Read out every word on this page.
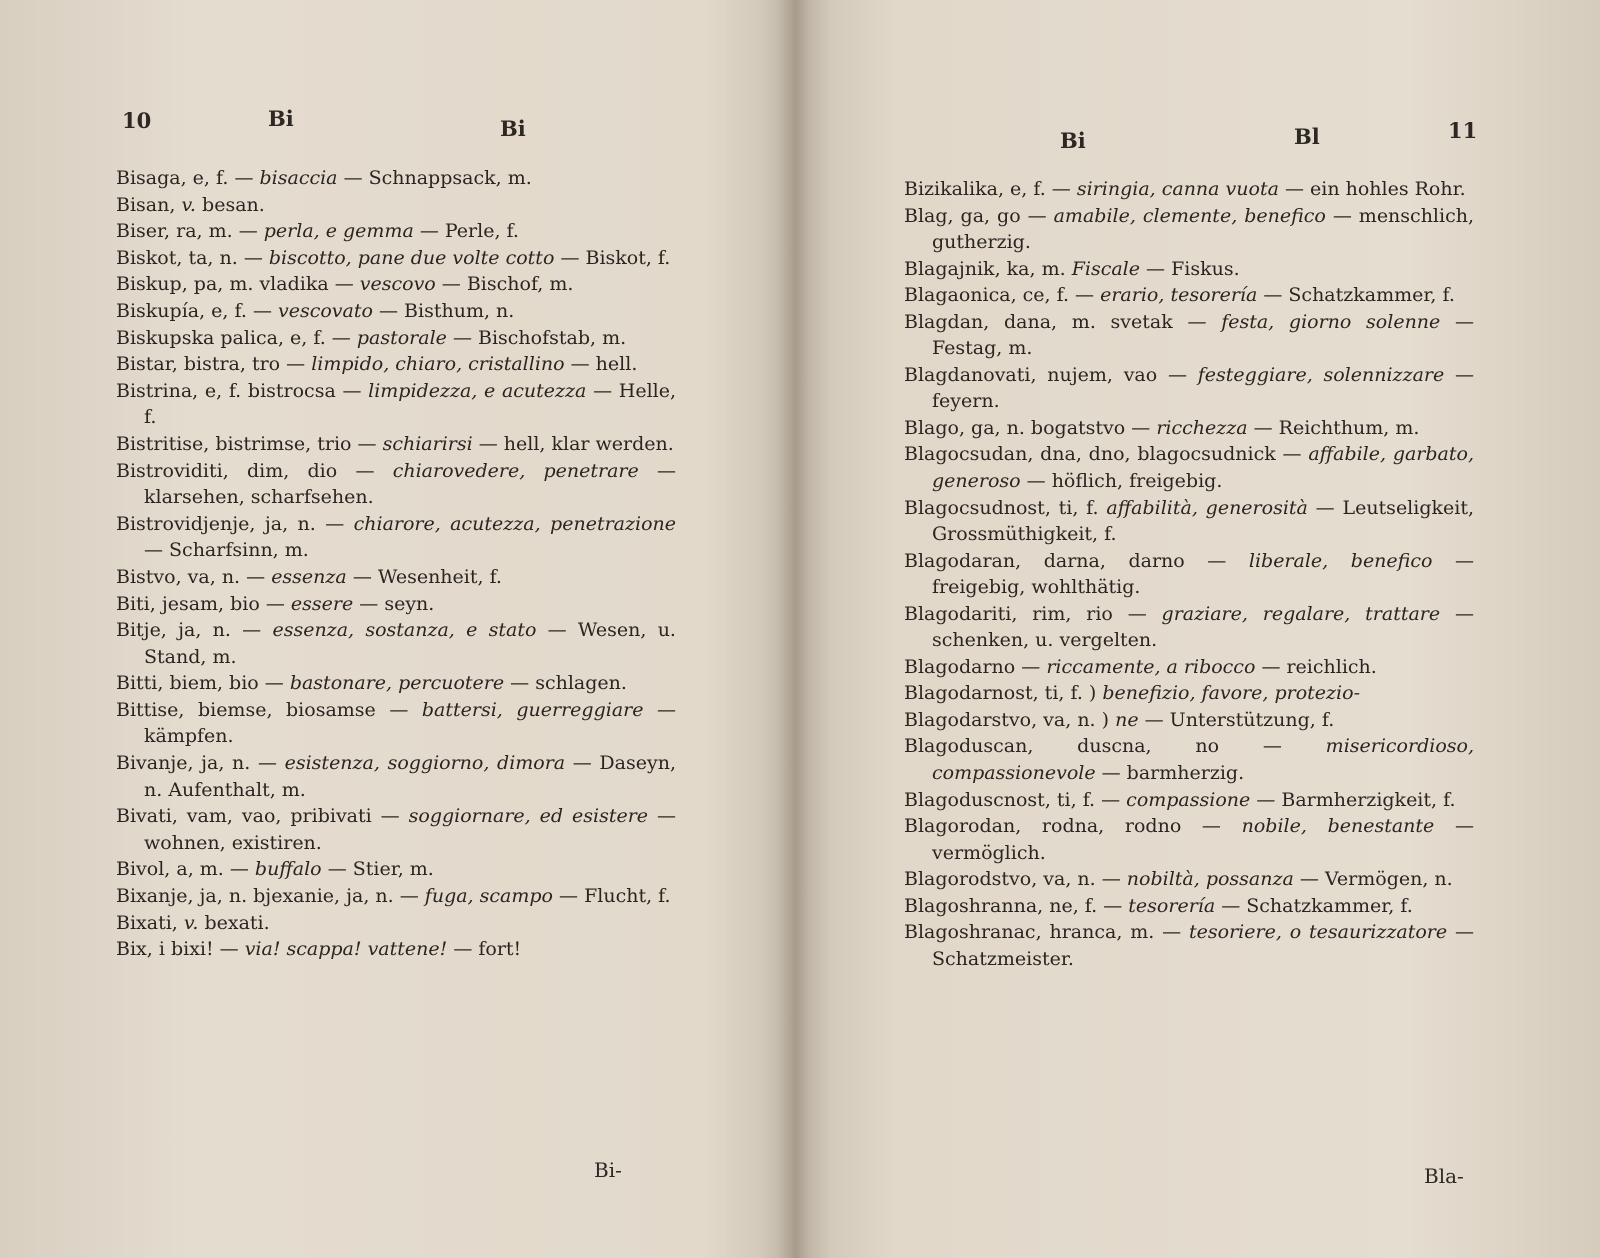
10	Bi	Bi
Bisaga, e, f. — bisaccia — Schnappsack, m.
Bisan, v. besan.
Biser, ra, m. — perla, e gemma — Perle, f.
Biskot, ta, n. — biscotto, pane due volte cotto — Biskot, f.
Biskup, pa, m. vladika — vescovo — Bischof, m.
Biskupía, e, f. — vescovato — Bisthum, n.
Biskupska palica, e, f. — pastorale — Bischofstab, m.
Bistar, bistra, tro — limpido, chiaro, cristallino — hell.
Bistrina, e, f. bistrocsa — limpidezza, e acutezza — Helle, f.
Bistritise, bistrimse, trio — schiarirsi — hell, klar werden.
Bistroviditi, dim, dio — chiarovedere, penetrare — klarsehen, scharfsehen.
Bistrovidjenje, ja, n. — chiarore, acutezza, penetrazione — Scharfsinn, m.
Bistvo, va, n. — essenza — Wesenheit, f.
Biti, jesam, bio — essere — seyn.
Bitje, ja, n. — essenza, sostanza, e stato — Wesen, u. Stand, m.
Bitti, biem, bio — bastonare, percuotere — schlagen.
Bittise, biemse, biosamse — battersi, guerreggiare — kämpfen.
Bivanje, ja, n. — esistenza, soggiorno, dimora — Daseyn, n. Aufenthalt, m.
Bivati, vam, vao, pribivati — soggiornare, ed esistere — wohnen, existiren.
Bivol, a, m. — buffalo — Stier, m.
Bixanje, ja, n. bjexanie, ja, n. — fuga, scampo — Flucht, f.
Bixati, v. bexati.
Bix, i bixi! — via! scappa! vattene! — fort!
Bi-
Bi	Bl	11
Bizikalika, e, f. — siringia, canna vuota — ein hohles Rohr.
Blag, ga, go — amabile, clemente, benefico — menschlich, gutherzig.
Blagajnik, ka, m. Fiscale — Fiskus.
Blagaonica, ce, f. — erario, tesorería — Schatzkammer, f.
Blagdan, dana, m. svetak — festa, giorno solenne — Festag, m.
Blagdanovati, nujem, vao — festeggiare, solennizzare — feyern.
Blago, ga, n. bogatstvo — ricchezza — Reichthum, m.
Blagocsudan, dna, dno, blagocsudnick — affabile, garbato, generoso — höflich, freigebig.
Blagocsudnost, ti, f. affabilità, generosità — Leutseligkeit, Grossmüthigkeit, f.
Blagodaran, darna, darno — liberale, benefico — freigebig, wohlthätig.
Blagodariti, rim, rio — graziare, regalare, trattare — schenken, u. vergelten.
Blagodarno — riccamente, a ribocco — reichlich.
Blagodarnost, ti, f. ) benefizio, favore, protezio-
Blagodarstvo, va, n. ) ne — Unterstützung, f.
Blagoduscan, duscna, no — misericordioso, compassionevole — barmherzig.
Blagoduscnost, ti, f. — compassione — Barmherzigkeit, f.
Blagorodan, rodna, rodno — nobile, benestante — vermöglich.
Blagorodstvo, va, n. — nobiltà, possanza — Vermögen, n.
Blagoshranna, ne, f. — tesorería — Schatzkammer, f.
Blagoshranac, hranca, m. — tesoriere, o tesaurizzatore — Schatzmeister.
Bla-
